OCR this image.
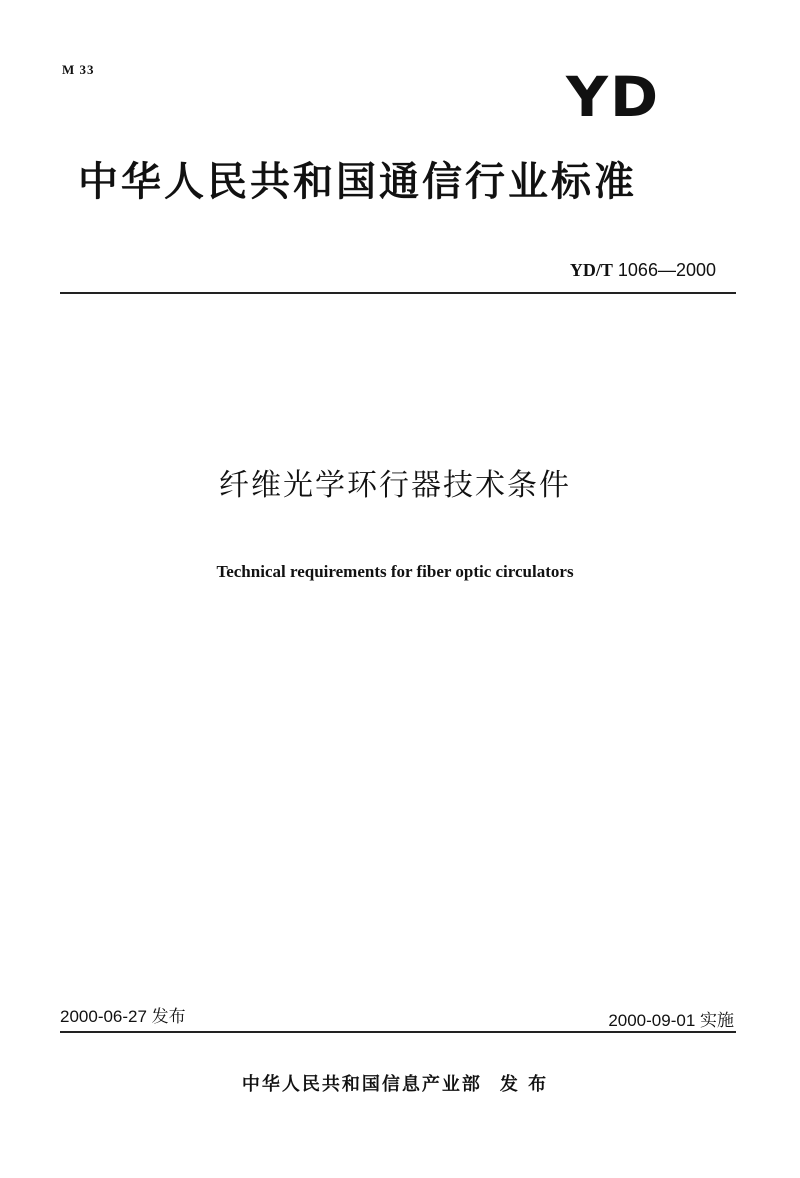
M 33	YD
中华人民共和国通信行业标准
YD/T 1066—2000
纤维光学环行器技术条件
Technical requirements for fiber optic circulators
2000-06-27 发布	2000-09-01 实施
中华人民共和国信息产业部 发 布
